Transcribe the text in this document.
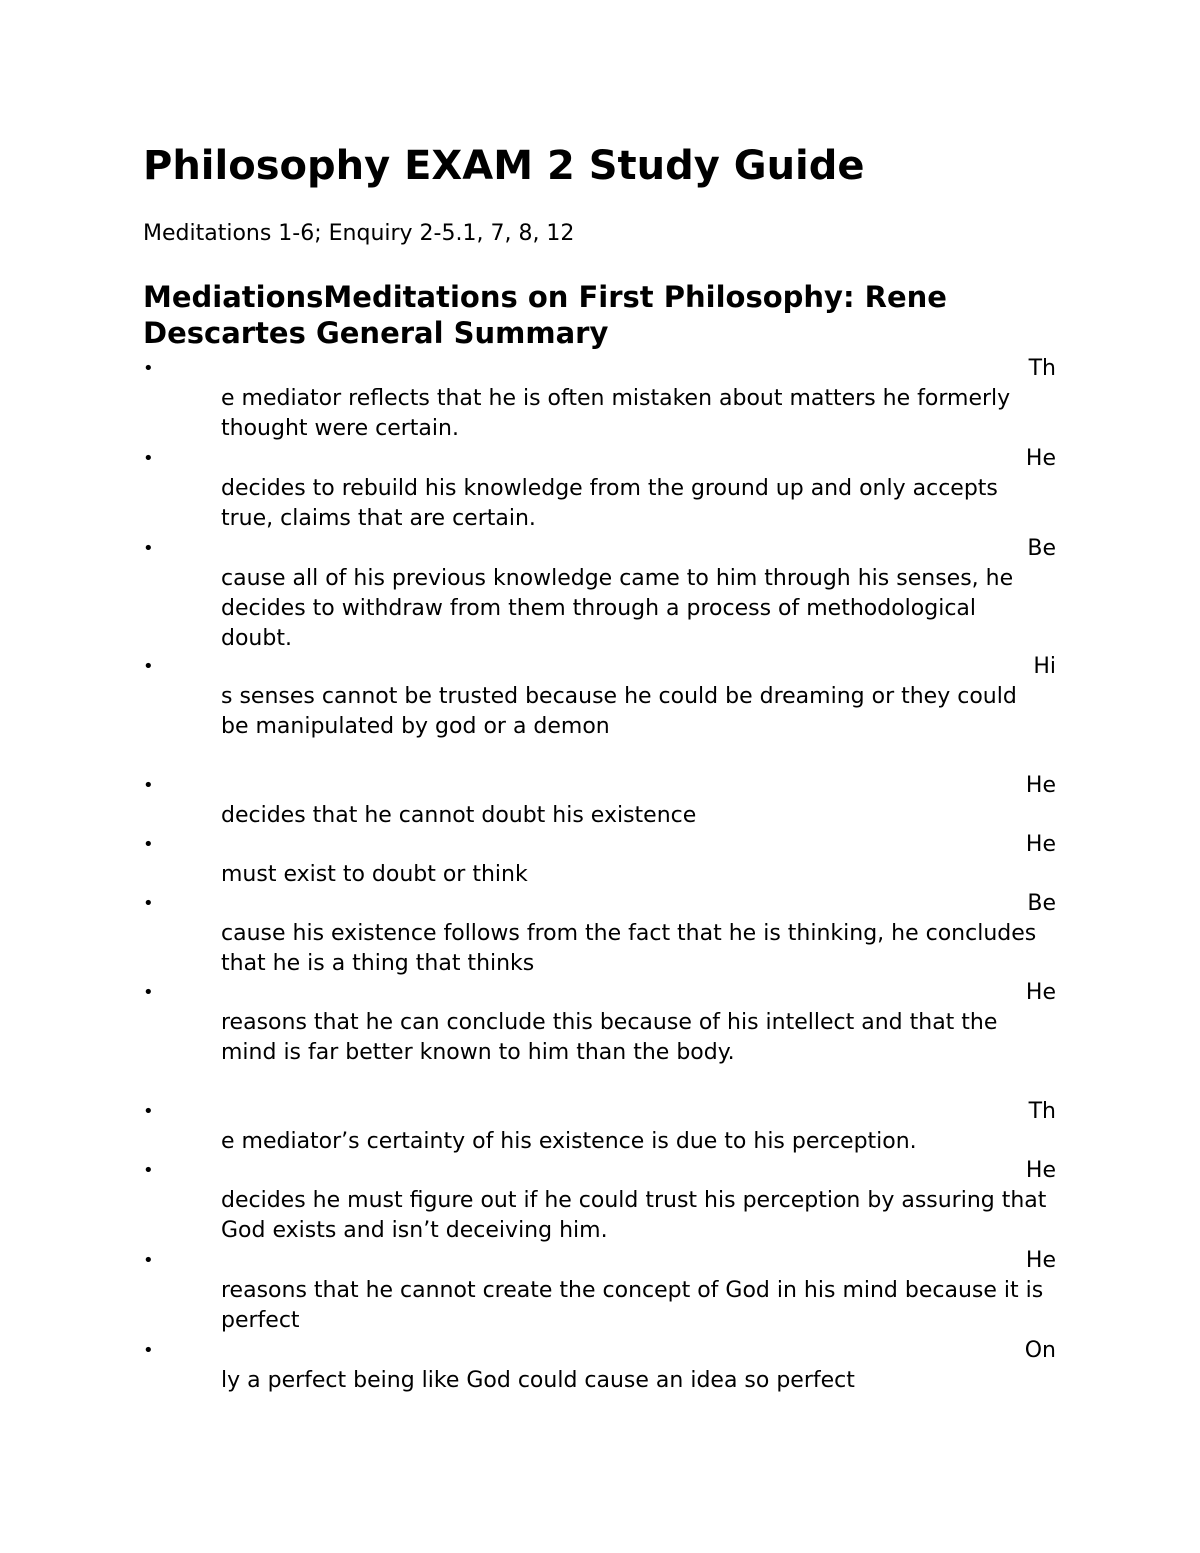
Philosophy EXAM 2 Study Guide

Meditations 1-6; Enquiry 2-5.1, 7, 8, 12

MediationsMeditations on First Philosophy: Rene Descartes General Summary
•	Th
e mediator reflects that he is often mistaken about matters he formerly thought were certain.
•	He
decides to rebuild his knowledge from the ground up and only accepts true, claims that are certain.
•	Be
cause all of his previous knowledge came to him through his senses, he decides to withdraw from them through a process of methodological doubt.
•	Hi
s senses cannot be trusted because he could be dreaming or they could be manipulated by god or a demon
•	He
decides that he cannot doubt his existence
•	He
must exist to doubt or think
•	Be
cause his existence follows from the fact that he is thinking, he concludes that he is a thing that thinks
•	He
reasons that he can conclude this because of his intellect and that the mind is far better known to him than the body.
•	Th
e mediator’s certainty of his existence is due to his perception.
•	He
decides he must figure out if he could trust his perception by assuring that God exists and isn’t deceiving him.
•	He
reasons that he cannot create the concept of God in his mind because it is perfect
•	On
ly a perfect being like God could cause an idea so perfect
